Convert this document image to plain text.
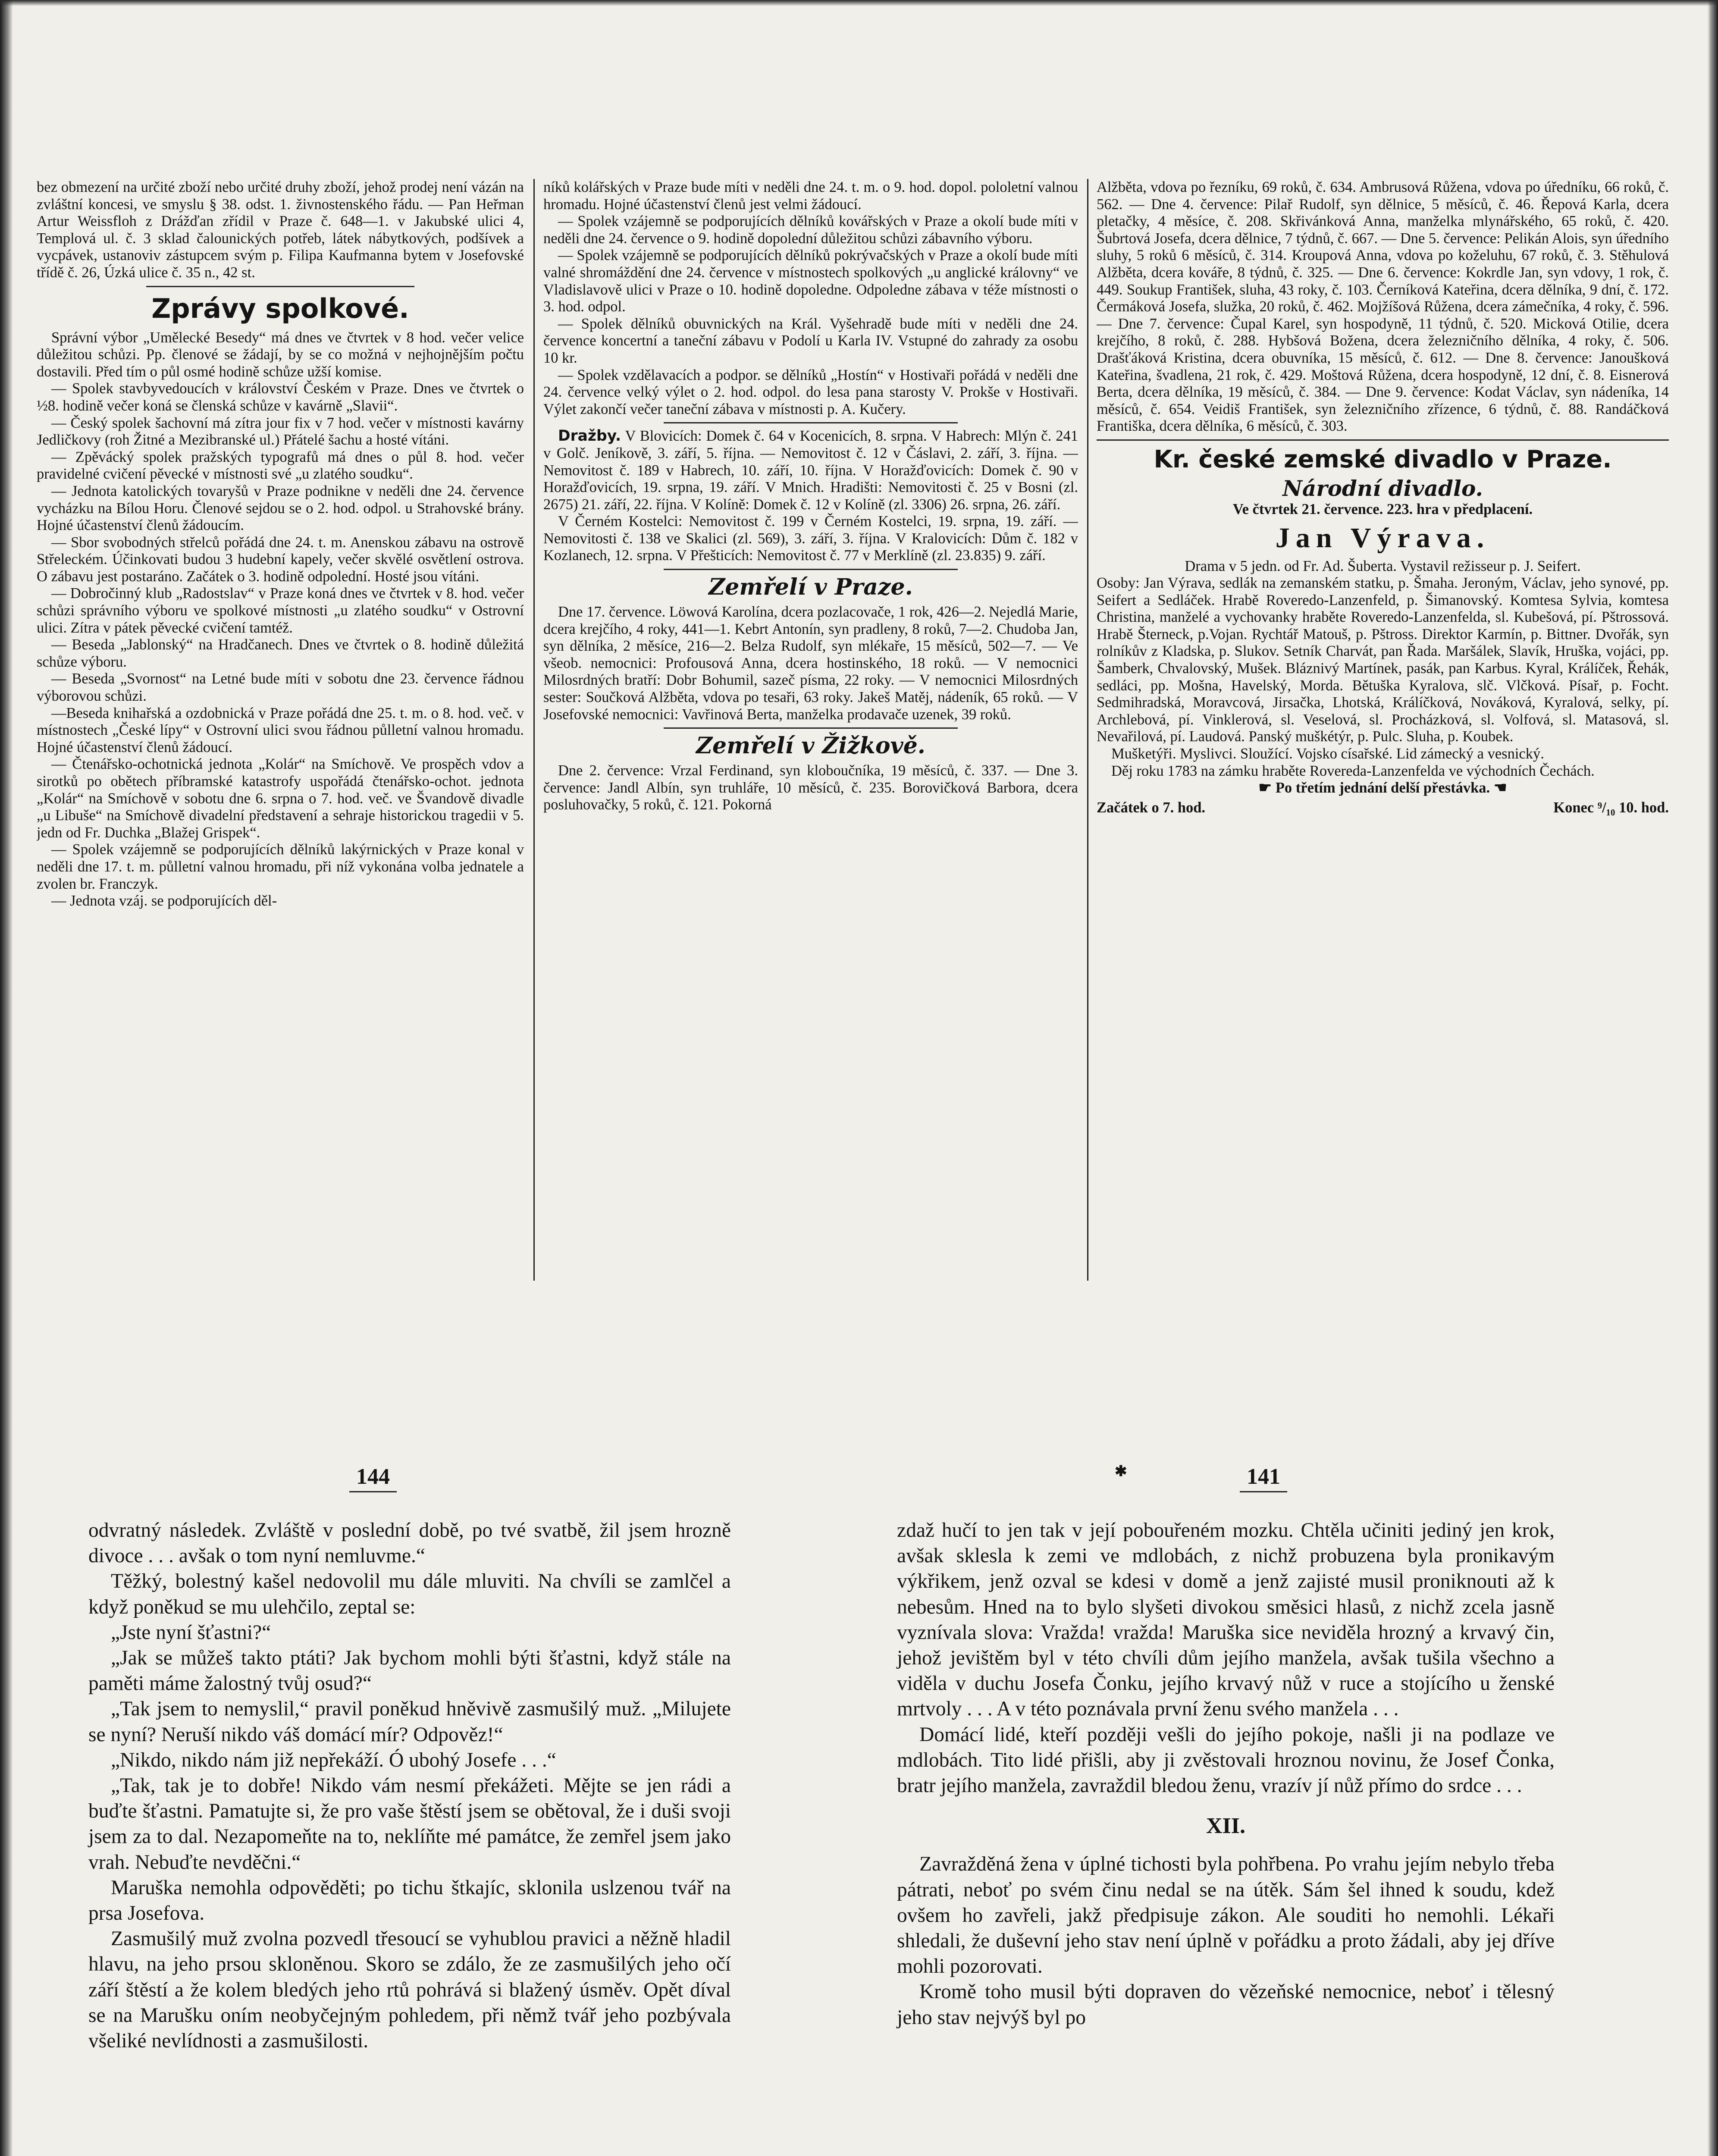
bez obmezení na určité zboží nebo určité druhy zboží, jehož prodej není vázán na zvláštní koncesi, ve smyslu § 38. odst. 1. živnostenského řádu. — Pan Heřman Artur Weissfloh z Drážďan zřídil v Praze č. 648—1. v Jakubské ulici 4, Templová ul. č. 3 sklad čalounických potřeb, látek nábytkových, podšívek a vycpávek, ustanoviv zástupcem svým p. Filipa Kaufmanna bytem v Josefovské třídě č. 26, Úzká ulice č. 35 n., 42 st.

Zprávy spolkové.

Správní výbor „Umělecké Besedy“ má dnes ve čtvrtek v 8 hod. večer velice důležitou schůzi. Pp. členové se žádají, by se co možná v nejhojnějším počtu dostavili. Před tím o půl osmé hodině schůze užší komise.

— Spolek stavbyvedoucích v království Českém v Praze. Dnes ve čtvrtek o ½8. hodině večer koná se členská schůze v kavárně „Slavii“.

— Český spolek šachovní má zítra jour fix v 7 hod. večer v místnosti kavárny Jedličkovy (roh Žitné a Mezibranské ul.) Přátelé šachu a hosté vítáni.

— Zpěvácký spolek pražských typografů má dnes o půl 8. hod. večer pravidelné cvičení pěvecké v místnosti své „u zlatého soudku“.

— Jednota katolických tovaryšů v Praze podniknе v neděli dne 24. července vycházku na Bílou Horu. Členové sejdou se o 2. hod. odpol. u Strahovské brány. Hojné účastenství členů žádoucím.

— Sbor svobodných střelců pořádá dne 24. t. m. Anenskou zábavu na ostrově Střeleckém. Účinkovati budou 3 hudební kapely, večer skvělé osvětlení ostrova. O zábavu jest postaráno. Začátek o 3. hodině odpolední. Hosté jsou vítáni.

— Dobročinný klub „Radostslav“ v Praze koná dnes ve čtvrtek v 8. hod. večer schůzi správního výboru ve spolkové místnosti „u zlatého soudku“ v Ostrovní ulici. Zítra v pátek pěvecké cvičení tamtéž.

— Beseda „Jablonský“ na Hradčanech. Dnes ve čtvrtek o 8. hodině důležitá schůze výboru.

— Beseda „Svornost“ na Letné bude míti v sobotu dne 23. července řádnou výborovou schůzi.

—Beseda knihařská a ozdobnická v Praze pořádá dne 25. t. m. o 8. hod. več. v místnostech „České lípy“ v Ostrovní ulici svou řádnou půlletní valnou hromadu. Hojné účastenství členů žádoucí.

— Čtenářsko-ochotnická jednota „Kolár“ na Smíchově. Ve prospěch vdov a sirotků po obětech příbramské katastrofy uspořádá čtenářsko-ochot. jednota „Kolár“ na Smíchově v sobotu dne 6. srpna o 7. hod. več. ve Švandově divadle „u Libuše“ na Smíchově divadelní představení a sehraje historickou tragedii v 5. jedn od Fr. Duchka „Blažej Grispek“.

— Spolek vzájemně se podporujících dělníků lakýrnických v Praze konal v neděli dne 17. t. m. půlletní valnou hromadu, při níž vykonána volba jednatele a zvolen br. Franczyk.

— Jednota vzáj. se podporujících děl-

níků kolářských v Praze bude míti v neděli dne 24. t. m. o 9. hod. dopol. pololetní valnou hromadu. Hojné účastenství členů jest velmi žádoucí.

— Spolek vzájemně se podporujících dělníků kovářských v Praze a okolí bude míti v neděli dne 24. července o 9. hodině dopolední důležitou schůzi zábavního výboru.

— Spolek vzájemně se podporujících dělníků pokrývačských v Praze a okolí bude míti valné shromáždění dne 24. července v místnostech spolkových „u anglické královny“ ve Vladislavově ulici v Praze o 10. hodině dopoledne. Odpoledne zábava v téže místnosti o 3. hod. odpol.

— Spolek dělníků obuvnických na Král. Vyšehradě bude míti v neděli dne 24. července koncertní a taneční zábavu v Podolí u Karla IV. Vstupné do zahrady za osobu 10 kr.

— Spolek vzdělavacích a podpor. se dělníků „Hostín“ v Hostivaři pořádá v neděli dne 24. července velký výlet o 2. hod. odpol. do lesa pana starosty V. Prokše v Hostivaři. Výlet zakončí večer taneční zábava v místnosti p. A. Kučery.

Dražby. V Blovicích: Domek č. 64 v Kocenicích, 8. srpna. V Habrech: Mlýn č. 241 v Golč. Jeníkově, 3. září, 5. října. — Nemovitost č. 12 v Čáslavi, 2. září, 3. října. — Nemovitost č. 189 v Habrech, 10. září, 10. října. V Horažďovicích: Domek č. 90 v Horažďovicích, 19. srpna, 19. září. V Mnich. Hradišti: Nemovitosti č. 25 v Bosni (zl. 2675) 21. září, 22. října. V Kolíně: Domek č. 12 v Kolíně (zl. 3306) 26. srpna, 26. září.

V Černém Kostelci: Nemovitost č. 199 v Černém Kostelci, 19. srpna, 19. září. — Nemovitosti č. 138 ve Skalici (zl. 569), 3. září, 3. října. V Kralovicích: Dům č. 182 v Kozlanech, 12. srpna. V Přešticích: Nemovitost č. 77 v Merklíně (zl. 23.835) 9. září.

Zemřelí v Praze.

Dne 17. července. Löwová Karolína, dcera pozlacovače, 1 rok, 426—2. Nejedlá Marie, dcera krejčího, 4 roky, 441—1. Kebrt Antonín, syn pradleny, 8 roků, 7—2. Chudoba Jan, syn dělníka, 2 měsíce, 216—2. Belza Rudolf, syn mlékaře, 15 měsíců, 502—7. — Ve všeob. nemocnici: Profousová Anna, dcera hostinského, 18 roků. — V nemocnici Milosrdných bratří: Dobr Bohumil, sazeč písma, 22 roky. — V nemocnici Milosrdných sester: Součková Alžběta, vdova po tesaři, 63 roky. Jakeš Matěj, nádeník, 65 roků. — V Josefovské nemocnici: Vavřinová Berta, manželka prodavače uzenek, 39 roků.

Zemřelí v Žižkově.

Dne 2. července: Vrzal Ferdinand, syn kloboučníka, 19 měsíců, č. 337. — Dne 3. července: Jandl Albín, syn truhláře, 10 měsíců, č. 235. Borovičková Barbora, dcera posluhovačky, 5 roků, č. 121. Pokorná

Alžběta, vdova po řezníku, 69 roků, č. 634. Ambrusová Růžena, vdova po úředníku, 66 roků, č. 562. — Dne 4. července: Pilař Rudolf, syn dělnice, 5 měsíců, č. 46. Řepová Karla, dcera pletačky, 4 měsíce, č. 208. Skřivánková Anna, manželka mlynářského, 65 roků, č. 420. Šubrtová Josefa, dcera dělnice, 7 týdnů, č. 667. — Dne 5. července: Pelikán Alois, syn úředního sluhy, 5 roků 6 měsíců, č. 314. Kroupová Anna, vdova po koželuhu, 67 roků, č. 3. Stěhulová Alžběta, dcera kováře, 8 týdnů, č. 325. — Dne 6. července: Kokrdle Jan, syn vdovy, 1 rok, č. 449. Soukup František, sluha, 43 roky, č. 103. Černíková Kateřina, dcera dělníka, 9 dní, č. 172. Čermáková Josefa, služka, 20 roků, č. 462. Mojžíšová Růžena, dcera zámečníka, 4 roky, č. 596. — Dne 7. července: Čupal Karel, syn hospodyně, 11 týdnů, č. 520. Micková Otilie, dcera krejčího, 8 roků, č. 288. Hybšová Božena, dcera železničního dělníka, 4 roky, č. 506. Drašťáková Kristina, dcera obuvníka, 15 měsíců, č. 612. — Dne 8. července: Janoušková Kateřina, švadlena, 21 rok, č. 429. Moštová Růžena, dcera hospodyně, 12 dní, č. 8. Eisnerová Berta, dcera dělníka, 19 měsíců, č. 384. — Dne 9. července: Kodat Václav, syn nádeníka, 14 měsíců, č. 654. Veidiš František, syn železničního zřízence, 6 týdnů, č. 88. Randáčková Františka, dcera dělníka, 6 měsíců, č. 303.

Kr. české zemské divadlo v Praze.
Národní divadlo.
Ve čtvrtek 21. července. 223. hra v předplacení.
Jan Výrava.
Drama v 5 jedn. od Fr. Ad. Šuberta. Vystavil režisseur p. J. Seifert.

Osoby: Jan Výrava, sedlák na zemanském statku, p. Šmaha. Jeroným, Václav, jeho synové, pp. Seifert a Sedláček. Hrabě Roveredo-Lanzenfeld, p. Šimanovský. Komtesa Sylvia, komtesa Christina, manželé a vychovanky hraběte Roveredo-Lanzenfelda, sl. Kubešová, pí. Pštrossová. Hrabě Šterneck, p.Vojan. Rychtář Matouš, p. Pštross. Direktor Karmín, p. Bittner. Dvořák, syn rolníkův z Kladska, p. Slukov. Setník Charvát, pan Řada. Maršálek, Slavík, Hruška, vojáci, pp. Šamberk, Chvalovský, Mušek. Bláznivý Martínek, pasák, pan Karbus. Kyral, Králíček, Řehák, sedláci, pp. Mošna, Havelský, Morda. Bětuška Kyralova, slč. Vlčková. Písař, p. Focht. Sedmihradská, Moravcová, Jirsačka, Lhotská, Králíčková, Nováková, Kyralová, selky, pí. Archlebová, pí. Vinklerová, sl. Veselová, sl. Procházková, sl. Volfová, sl. Matasová, sl. Nevařilová, pí. Laudová. Panský muškétýr, p. Pulc. Sluha, p. Koubek.

Mušketýři. Myslivci. Sloužící. Vojsko císařské. Lid zámecký a vesnický.

Děj roku 1783 na zámku hraběte Roveredа-Lanzenfelda ve východních Čechách.

☛ Po třetím jednání delší přestávka. ☚
Začátek o 7. hod.	Konec ⁹/₁₀ 10. hod.
144	✱	141

odvratný následek. Zvláště v poslední době, po tvé svatbě, žil jsem hrozně divoce . . . avšak o tom nyní nemluvme.“

Těžký, bolestný kašel nedovolil mu dále mluviti. Na chvíli se zamlčel a když poněkud se mu ulehčilo, zeptal se:

„Jste nyní šťastni?“

„Jak se můžeš takto ptáti? Jak bychom mohli býti šťastni, když stále na paměti máme žalostný tvůj osud?“

„Tak jsem to nemyslil,“ pravil poněkud hněvivě zasmušilý muž. „Milujete se nyní? Neruší nikdo váš domácí mír? Odpověz!“

„Nikdo, nikdo nám již nepřekáží. Ó ubohý Josefe . . .“

„Tak, tak je to dobře! Nikdo vám nesmí překážeti. Mějte se jen rádi a buďte šťastni. Pamatujte si, že pro vaše štěstí jsem se obětoval, že i duši svoji jsem za to dal. Nezapomeňte na to, neklíňte mé památce, že zemřel jsem jako vrah. Nebuďte nevděčni.“

Maruška nemohla odpověděti; po tichu štkajíc, sklonila uslzenou tvář na prsa Josefova.

Zasmušilý muž zvolna pozvedl třesoucí se vyhublou pravici a něžně hladil hlavu, na jeho prsou skloněnou. Skoro se zdálo, že ze zasmušilých jeho očí září štěstí a že kolem bledých jeho rtů pohrává si blažený úsměv. Opět díval se na Marušku oním neobyčejným pohledem, při němž tvář jeho pozbývala všeliké nevlídnosti a zasmušilosti.

zdaž hučí to jen tak v její pobouřeném mozku. Chtěla učiniti jediný jen krok, avšak sklesla k zemi ve mdlobách, z nichž probuzena byla pronikavým výkřikem, jenž ozval se kdesi v domě a jenž zajisté musil proniknouti až k nebesům. Hned na to bylo slyšeti divokou směsici hlasů, z nichž zcela jasně vyznívala slova: Vražda! vražda! Maruška sice neviděla hrozný a krvavý čin, jehož jevištěm byl v této chvíli dům jejího manžela, avšak tušila všechno a viděla v duchu Josefa Čonku, jejího krvavý nůž v ruce a stojícího u ženské mrtvoly . . . A v této poznávala první ženu svého manžela . . .

Domácí lidé, kteří později vešli do jejího pokoje, našli ji na podlaze ve mdlobách. Tito lidé přišli, aby ji zvěstovali hroznou novinu, že Josef Čonka, bratr jejího manžela, zavraždil bledou ženu, vrazív jí nůž přímo do srdce . . .

XII.

Zavražděná žena v úplné tichosti byla pohřbena. Po vrahu jejím nebylo třeba pátrati, neboť po svém činu nedal se na útěk. Sám šel ihned k soudu, kdež ovšem ho zavřeli, jakž předpisuje zákon. Ale souditi ho nemohli. Lékaři shledali, že duševní jeho stav není úplně v pořádku a proto žádali, aby jej dříve mohli pozorovati.

Kromě toho musil býti dopraven do vězeňské nemocnice, neboť i tělesný jeho stav nejvýš byl po
